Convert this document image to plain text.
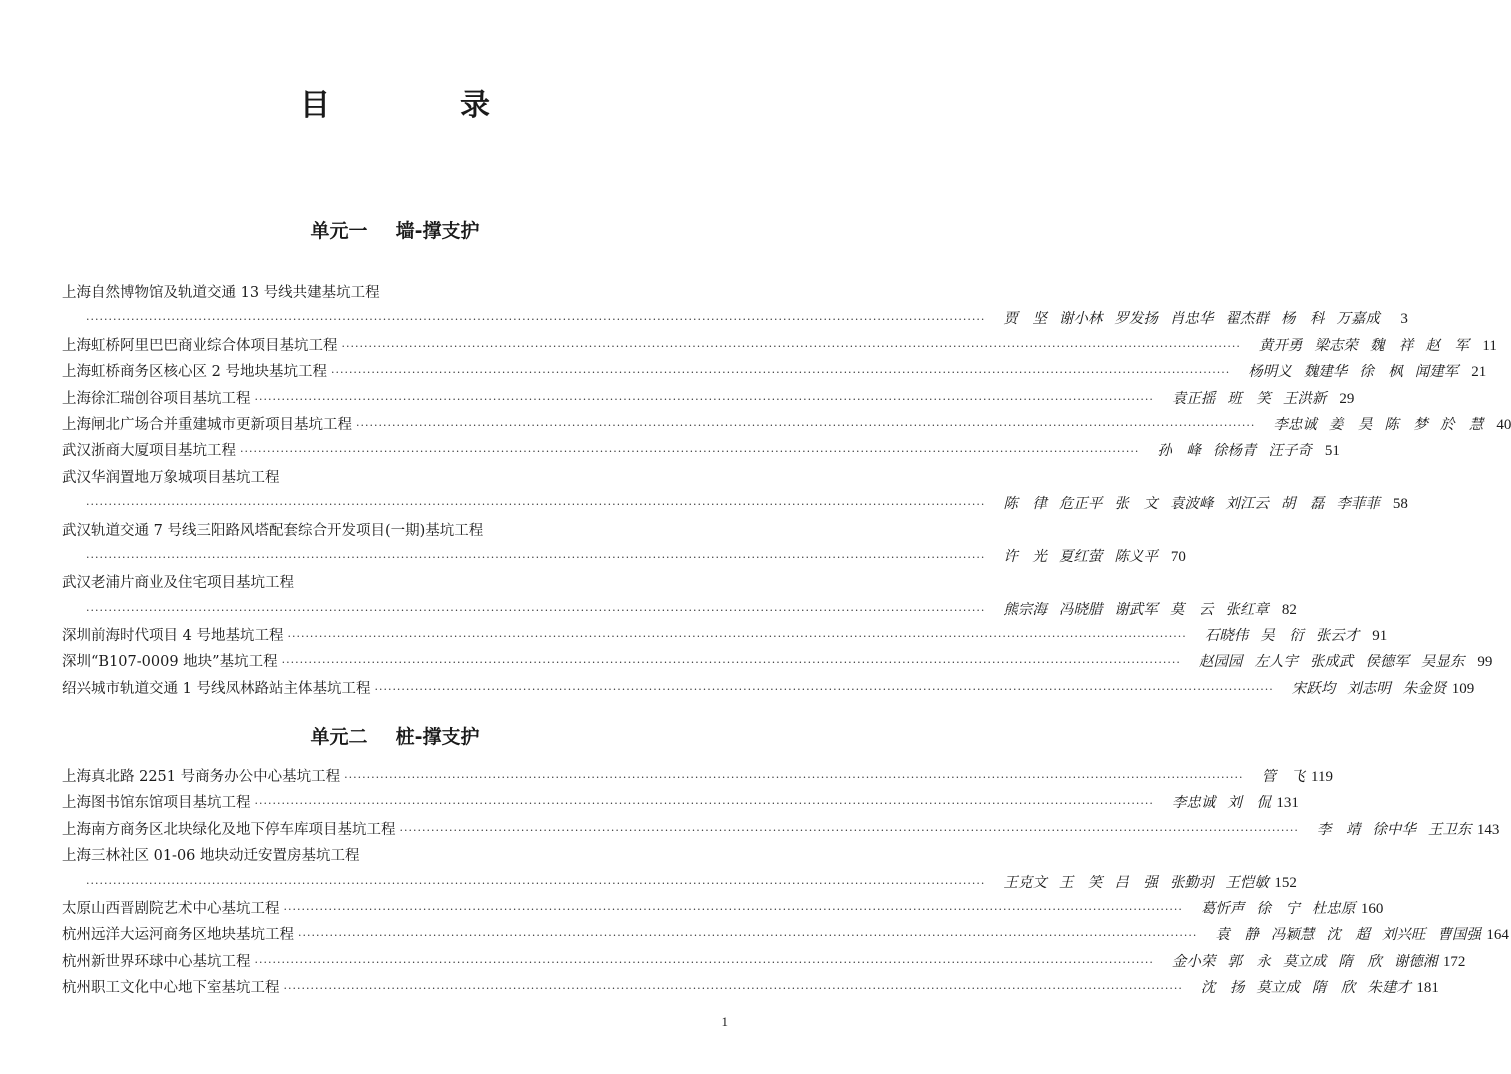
目　录
单元一 墙-撑支护
上海自然博物馆及轨道交通 13 号线共建基坑工程
········································································································································································································	贾　坚 谢小林 罗发扬 肖忠华 翟杰群 杨　科 万嘉成	3
上海虹桥阿里巴巴商业综合体项目基坑工程 ········································································································································································································	黄开勇 梁志荣 魏　祥 赵　军 11
上海虹桥商务区核心区 2 号地块基坑工程 ········································································································································································································	杨明义 魏建华 徐　枫 闻建军 21
上海徐汇瑞创谷项目基坑工程 ········································································································································································································	袁正摇 班　笑 王洪新 29
上海闸北广场合并重建城市更新项目基坑工程 ········································································································································································································	李忠诚 姜　昊 陈　梦 於　慧 40
武汉浙商大厦项目基坑工程 ········································································································································································································	孙　峰 徐杨青 汪子奇 51
武汉华润置地万象城项目基坑工程
········································································································································································································	陈　律 危正平 张　文 袁波峰 刘江云 胡　磊 李菲菲 58
武汉轨道交通 7 号线三阳路风塔配套综合开发项目(一期)基坑工程
········································································································································································································	许　光 夏红萤 陈义平 70
武汉老浦片商业及住宅项目基坑工程
········································································································································································································	熊宗海 冯晓腊 谢武军 莫　云 张红章 82
深圳前海时代项目 4 号地基坑工程 ········································································································································································································	石晓伟 吴　衍 张云才 91
深圳“B107-0009 地块”基坑工程 ········································································································································································································	赵园园 左人宇 张成武 侯德军 吴显东 99
绍兴城市轨道交通 1 号线凤林路站主体基坑工程 ········································································································································································································	宋跃均 刘志明 朱金贤 109
单元二 桩-撑支护
上海真北路 2251 号商务办公中心基坑工程 ········································································································································································································	管　飞 119
上海图书馆东馆项目基坑工程 ········································································································································································································	李忠诚 刘　侃 131
上海南方商务区北块绿化及地下停车库项目基坑工程 ········································································································································································································	李　靖 徐中华 王卫东 143
上海三林社区 01-06 地块动迁安置房基坑工程
········································································································································································································	王克文 王　笑 吕　强 张勤羽 王恺敏 152
太原山西晋剧院艺术中心基坑工程 ········································································································································································································	葛忻声 徐　宁 杜忠原 160
杭州远洋大运河商务区地块基坑工程 ········································································································································································································	袁　静 冯颖慧 沈　超 刘兴旺 曹国强 164
杭州新世界环球中心基坑工程 ········································································································································································································	金小荣 郭　永 莫立成 隋　欣 谢德湘 172
杭州职工文化中心地下室基坑工程 ········································································································································································································	沈　扬 莫立成 隋　欣 朱建才 181
1
